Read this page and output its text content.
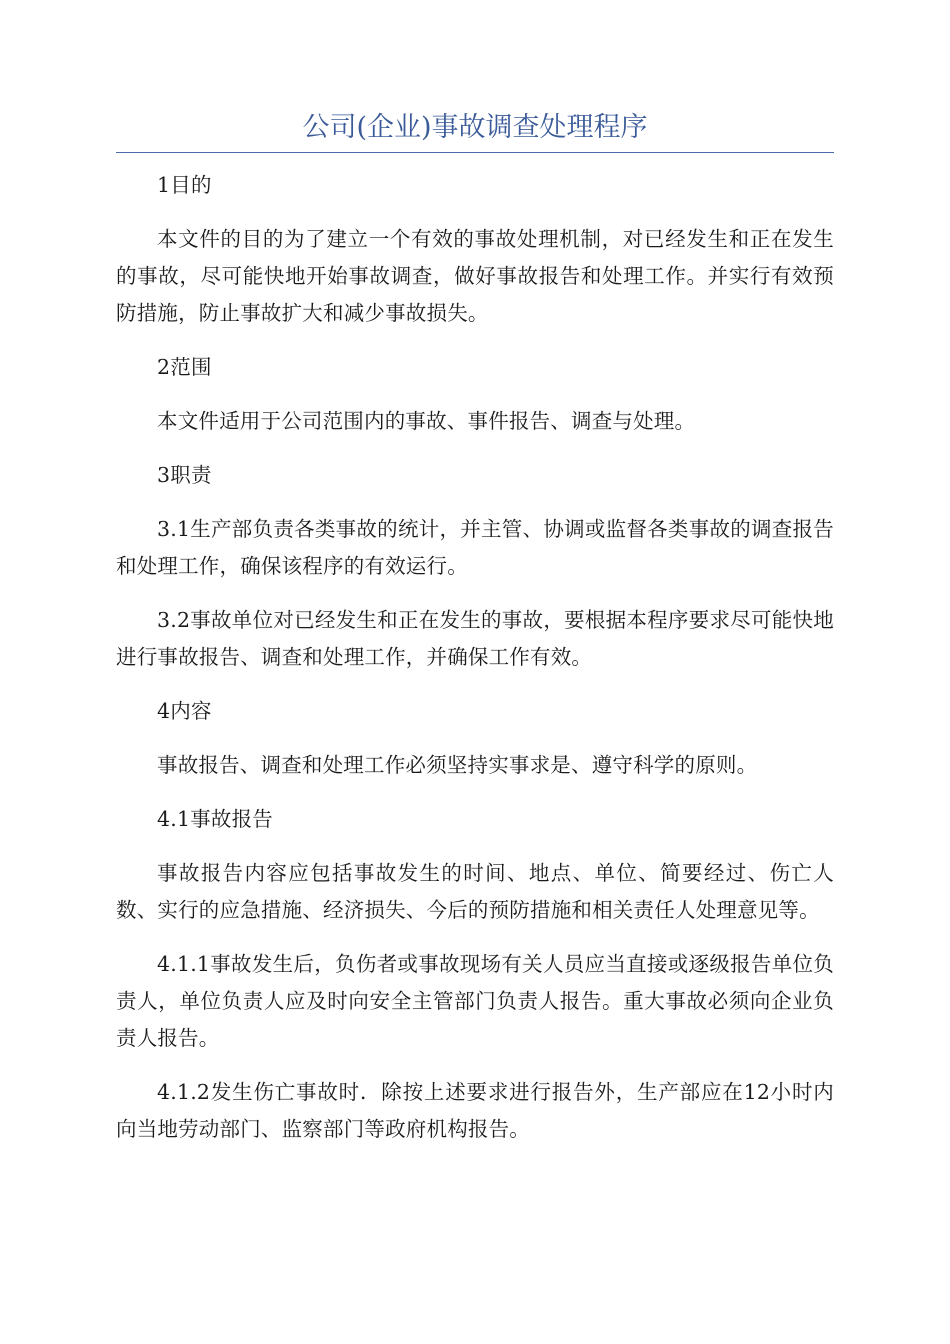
公司(企业)事故调查处理程序

1目的

本文件的目的为了建立一个有效的事故处理机制，对已经发生和正在发生的事故，尽可能快地开始事故调查，做好事故报告和处理工作。并实行有效预防措施，防止事故扩大和减少事故损失。

2范围

本文件适用于公司范围内的事故、事件报告、调查与处理。

3职责

3.1生产部负责各类事故的统计，并主管、协调或监督各类事故的调查报告和处理工作，确保该程序的有效运行。

3.2事故单位对已经发生和正在发生的事故，要根据本程序要求尽可能快地进行事故报告、调查和处理工作，并确保工作有效。

4内容

事故报告、调查和处理工作必须坚持实事求是、遵守科学的原则。

4.1事故报告

事故报告内容应包括事故发生的时间、地点、单位、简要经过、伤亡人数、实行的应急措施、经济损失、今后的预防措施和相关责任人处理意见等。

4.1.1事故发生后，负伤者或事故现场有关人员应当直接或逐级报告单位负责人，单位负责人应及时向安全主管部门负责人报告。重大事故必须向企业负责人报告。

4.1.2发生伤亡事故时．除按上述要求进行报告外，生产部应在12小时内向当地劳动部门、监察部门等政府机构报告。
